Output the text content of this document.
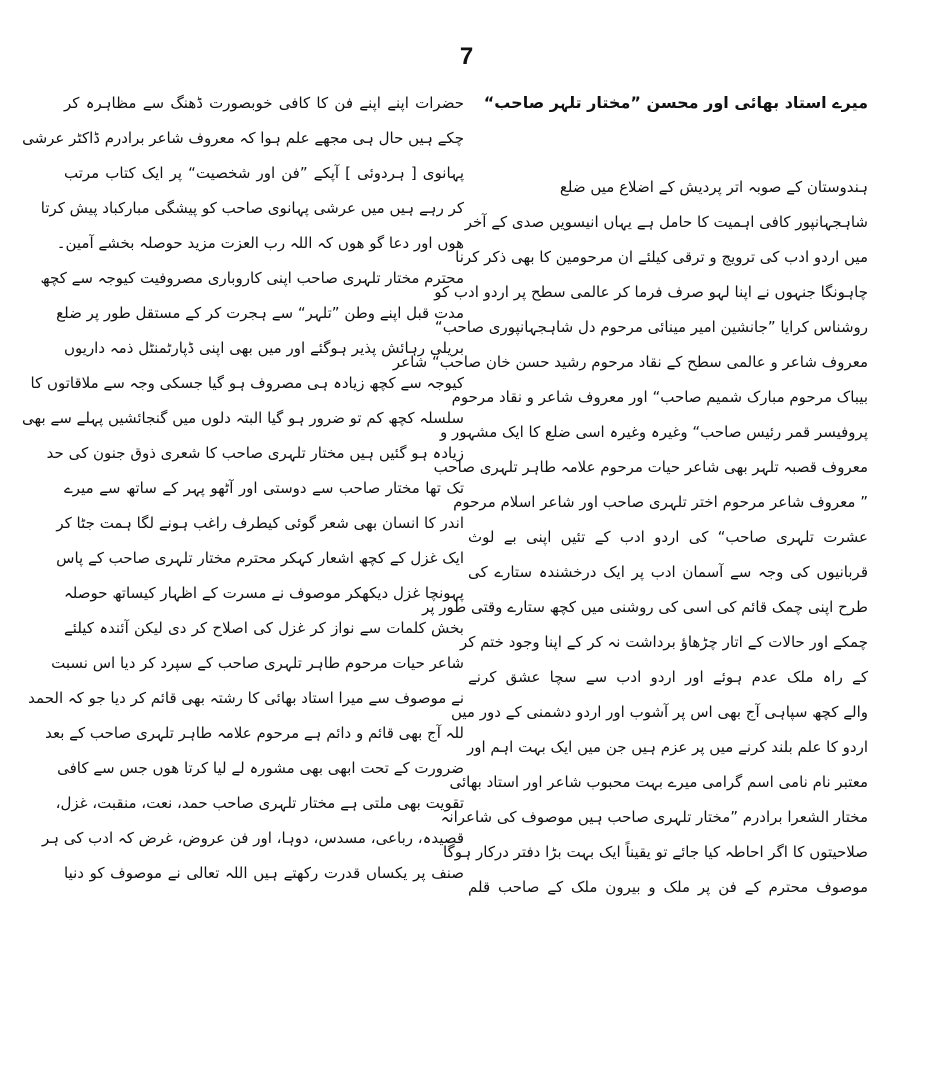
7
میرے استاد بھائی اور محسن ”مختار تلہر صاحب“
ہندوستان کے صوبہ اتر پردیش کے اضلاع میں ضلع
شاہجہانپور کافی اہمیت کا حامل ہے یہاں انیسویں صدی کے آخر
میں اردو ادب کی ترویج و ترقی کیلئے ان مرحومین کا بھی ذکر کرنا
چاہونگا جنہوں نے اپنا لہو صرف فرما کر عالمی سطح پر اردو ادب کو
روشناس کرایا ”جانشین امیر مینائی مرحوم دل شاہجہانپوری صاحب“
معروف شاعر و عالمی سطح کے نقاد مرحوم رشید حسن خان صاحب“ شاعر
بیباک مرحوم مبارک شمیم صاحب“ اور معروف شاعر و نقاد مرحوم
پروفیسر قمر رئیس صاحب“ وغیرہ وغیرہ اسی ضلع کا ایک مشہور و
معروف قصبہ تلہر بھی شاعر حیات مرحوم علامہ طاہر تلہری صاحب
” معروف شاعر مرحوم اختر تلہری صاحب اور شاعر اسلام مرحوم
عشرت تلہری صاحب“ کی اردو ادب کے تئیں اپنی بے لوث
قربانیوں کی وجہ سے آسمان ادب پر ایک درخشندہ ستارے کی
طرح اپنی چمک قائم کی اسی کی روشنی میں کچھ ستارے وقتی طور پر
چمکے اور حالات کے اتار چڑھاؤ برداشت نہ کر کے اپنا وجود ختم کر
کے راہ ملک عدم ہوئے اور اردو ادب سے سچا عشق کرنے
والے کچھ سپاہی آج بھی اس پر آشوب اور اردو دشمنی کے دور میں
اردو کا علم بلند کرنے میں پر عزم ہیں جن میں ایک بہت اہم اور
معتبر نام نامی اسم گرامی میرے بہت محبوب شاعر اور استاد بھائی
مختار الشعرا برادرم ”مختار تلہری صاحب ہیں موصوف کی شاعرانہ
صلاحیتوں کا اگر احاطہ کیا جائے تو یقیناً ایک بہت بڑا دفتر درکار ہوگا
موصوف محترم کے فن پر ملک و بیرون ملک کے صاحب قلم
حضرات اپنے اپنے فن کا کافی خوبصورت ڈھنگ سے مظاہرہ کر
چکے ہیں حال ہی مجھے علم ہوا کہ معروف شاعر برادرم ڈاکٹر عرشی
پہانوی [ ہردوئی ] آپکے ”فن اور شخصیت“ پر ایک کتاب مرتب
کر رہے ہیں میں عرشی پہانوی صاحب کو پیشگی مبارکباد پیش کرتا
ھوں اور دعا گو ھوں کہ اللہ رب العزت مزید حوصلہ بخشے آمین۔
محترم مختار تلہری صاحب اپنی کاروباری مصروفیت کیوجہ سے کچھ
مدت قبل اپنے وطن ”تلہر“ سے ہجرت کر کے مستقل طور پر ضلع
بریلی رہائش پذیر ہوگئے اور میں بھی اپنی ڈپارٹمنٹل ذمہ داریوں
کیوجہ سے کچھ زیادہ ہی مصروف ہو گیا جسکی وجہ سے ملاقاتوں کا
سلسلہ کچھ کم تو ضرور ہو گیا البتہ دلوں میں گنجائشیں پہلے سے بھی
زیادہ ہو گئیں ہیں مختار تلہری صاحب کا شعری ذوق جنون کی حد
تک تھا مختار صاحب سے دوستی اور آٹھو پہر کے ساتھ سے میرے
اندر کا انسان بھی شعر گوئی کیطرف راغب ہونے لگا ہمت جٹا کر
ایک غزل کے کچھ اشعار کہکر محترم مختار تلہری صاحب کے پاس
پہونچا غزل دیکھکر موصوف نے مسرت کے اظہار کیساتھ حوصلہ
بخش کلمات سے نواز کر غزل کی اصلاح کر دی لیکن آئندہ کیلئے
شاعر حیات مرحوم طاہر تلہری صاحب کے سپرد کر دیا اس نسبت
نے موصوف سے میرا استاد بھائی کا رشتہ بھی قائم کر دیا جو کہ الحمد
للہ آج بھی قائم و دائم ہے مرحوم علامہ طاہر تلہری صاحب کے بعد
ضرورت کے تحت ابھی بھی مشورہ لے لیا کرتا ھوں جس سے کافی
تقویت بھی ملتی ہے مختار تلہری صاحب حمد، نعت، منقبت، غزل،
قصیدہ، رباعی، مسدس، دوہا، اور فن عروض، غرض کہ ادب کی ہر
صنف پر یکساں قدرت رکھتے ہیں اللہ تعالی نے موصوف کو دنیا
